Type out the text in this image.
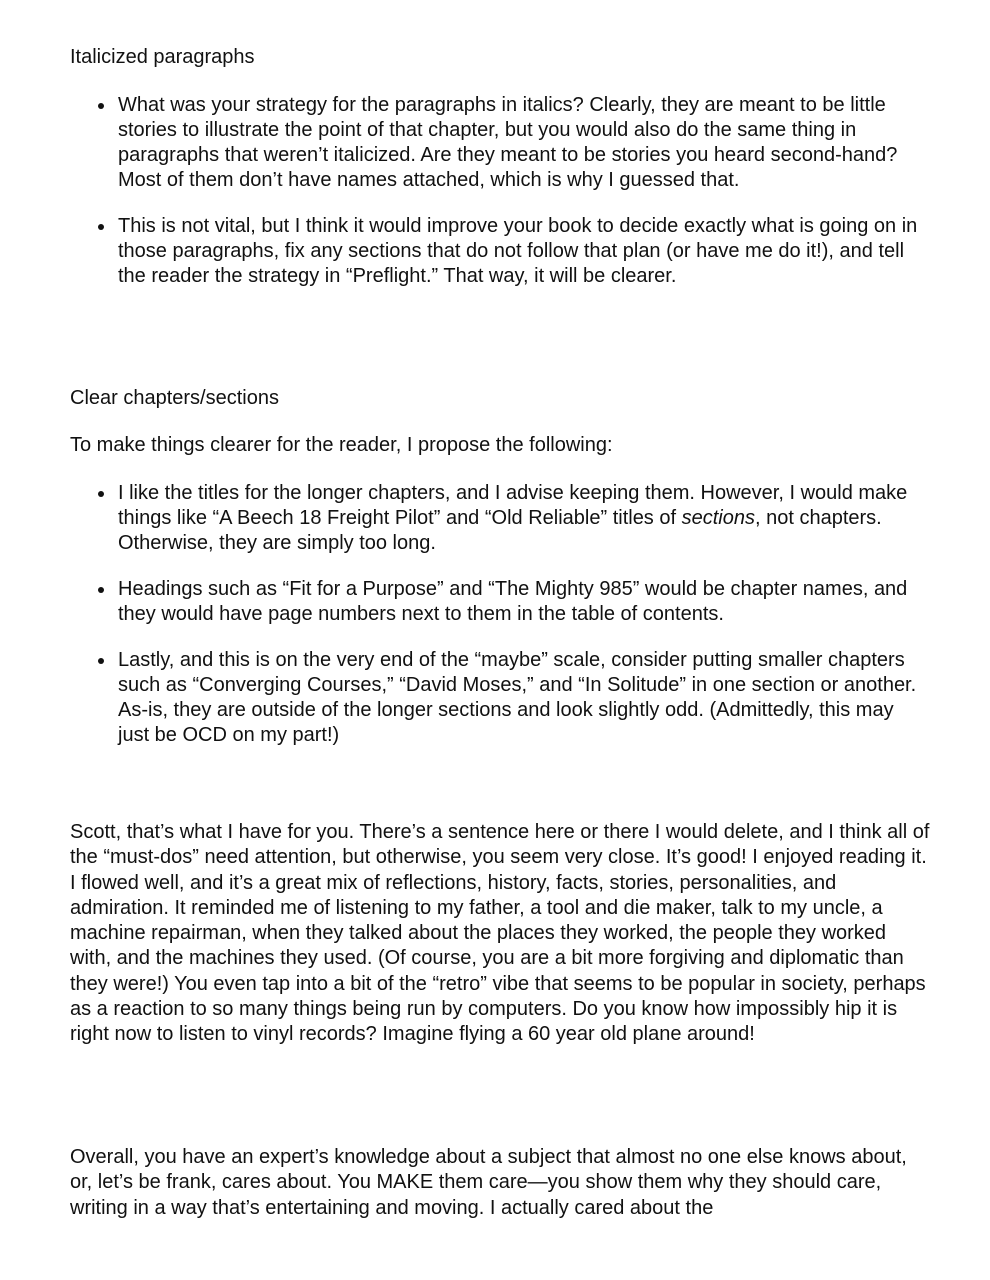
Italicized paragraphs

What was your strategy for the paragraphs in italics? Clearly, they are meant to be little stories to illustrate the point of that chapter, but you would also do the same thing in paragraphs that weren’t italicized. Are they meant to be stories you heard second-hand? Most of them don’t have names attached, which is why I guessed that.
This is not vital, but I think it would improve your book to decide exactly what is going on in those paragraphs, fix any sections that do not follow that plan (or have me do it!), and tell the reader the strategy in “Preflight.” That way, it will be clearer.

Clear chapters/sections

To make things clearer for the reader, I propose the following:

I like the titles for the longer chapters, and I advise keeping them. However, I would make things like “A Beech 18 Freight Pilot” and “Old Reliable” titles of sections, not chapters. Otherwise, they are simply too long.
Headings such as “Fit for a Purpose” and “The Mighty 985” would be chapter names, and they would have page numbers next to them in the table of contents.
Lastly, and this is on the very end of the “maybe” scale, consider putting smaller chapters such as “Converging Courses,” “David Moses,” and “In Solitude” in one section or another. As-is, they are outside of the longer sections and look slightly odd. (Admittedly, this may just be OCD on my part!)

Scott, that’s what I have for you. There’s a sentence here or there I would delete, and I think all of the “must-dos” need attention, but otherwise, you seem very close. It’s good! I enjoyed reading it. I flowed well, and it’s a great mix of reflections, history, facts, stories, personalities, and admiration. It reminded me of listening to my father, a tool and die maker, talk to my uncle, a machine repairman, when they talked about the places they worked, the people they worked with, and the machines they used. (Of course, you are a bit more forgiving and diplomatic than they were!) You even tap into a bit of the “retro” vibe that seems to be popular in society, perhaps as a reaction to so many things being run by computers. Do you know how impossibly hip it is right now to listen to vinyl records? Imagine flying a 60 year old plane around!

Overall, you have an expert’s knowledge about a subject that almost no one else knows about, or, let’s be frank, cares about. You MAKE them care—you show them why they should care, writing in a way that’s entertaining and moving. I actually cared about the
